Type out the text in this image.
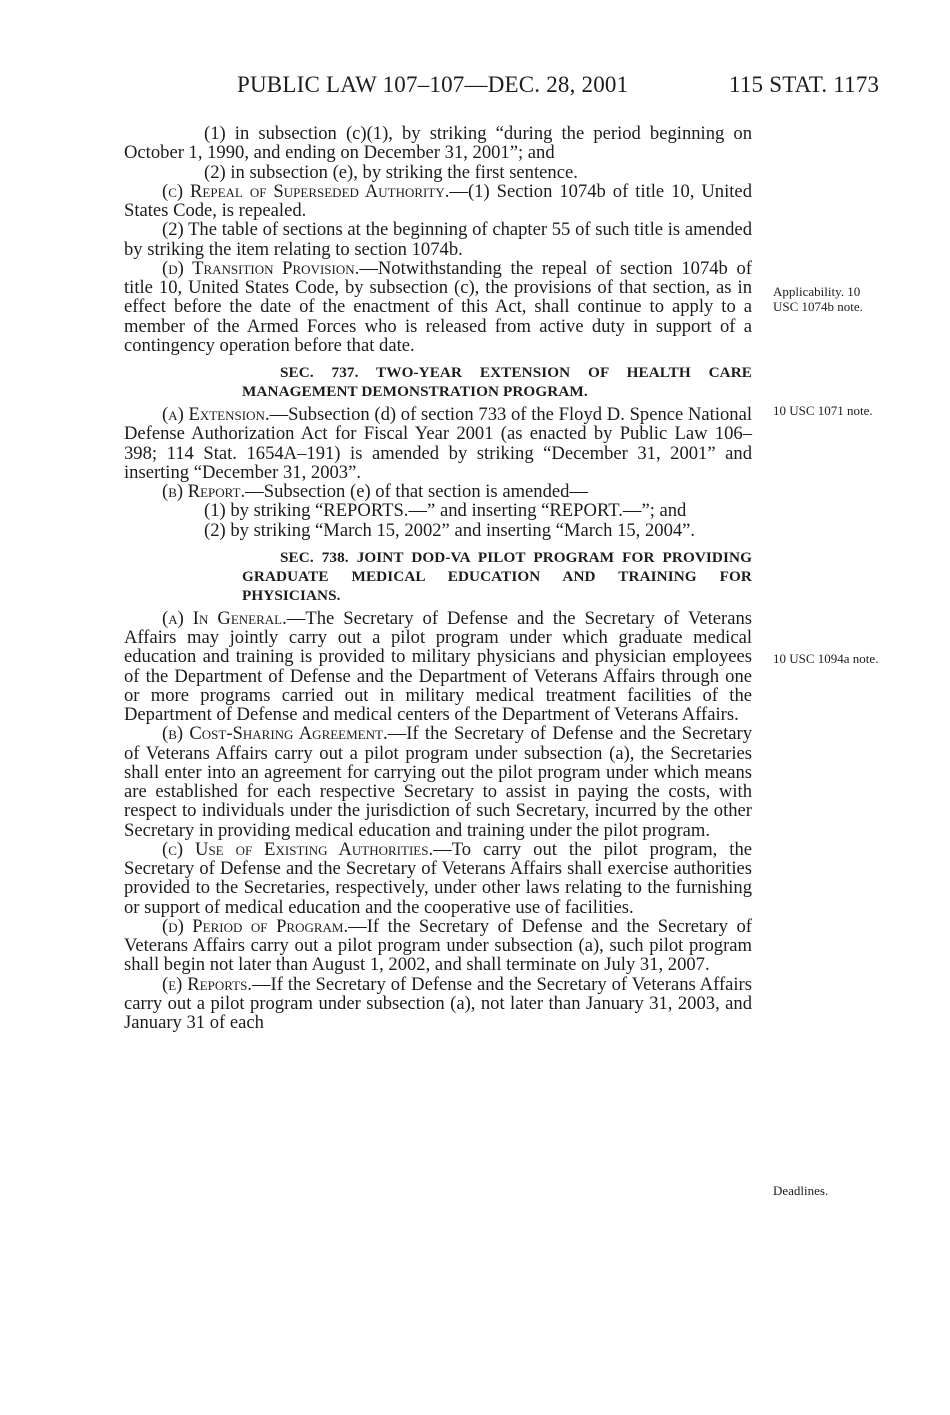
PUBLIC LAW 107–107—DEC. 28, 2001	115 STAT. 1173

(1) in subsection (c)(1), by striking “during the period beginning on October 1, 1990, and ending on December 31, 2001”; and

(2) in subsection (e), by striking the first sentence.

(c) Repeal of Superseded Authority.—(1) Section 1074b of title 10, United States Code, is repealed.

(2) The table of sections at the beginning of chapter 55 of such title is amended by striking the item relating to section 1074b.

(d) Transition Provision.—Notwithstanding the repeal of section 1074b of title 10, United States Code, by subsection (c), the provisions of that section, as in effect before the date of the enactment of this Act, shall continue to apply to a member of the Armed Forces who is released from active duty in support of a contingency operation before that date.

SEC. 737. TWO-YEAR EXTENSION OF HEALTH CARE MANAGEMENT DEMONSTRATION PROGRAM.

(a) Extension.—Subsection (d) of section 733 of the Floyd D. Spence National Defense Authorization Act for Fiscal Year 2001 (as enacted by Public Law 106–398; 114 Stat. 1654A–191) is amended by striking “December 31, 2001” and inserting “December 31, 2003”.

(b) Report.—Subsection (e) of that section is amended—

(1) by striking “REPORTS.—” and inserting “REPORT.—”; and

(2) by striking “March 15, 2002” and inserting “March 15, 2004”.

SEC. 738. JOINT DOD-VA PILOT PROGRAM FOR PROVIDING GRADUATE MEDICAL EDUCATION AND TRAINING FOR PHYSICIANS.

(a) In General.—The Secretary of Defense and the Secretary of Veterans Affairs may jointly carry out a pilot program under which graduate medical education and training is provided to military physicians and physician employees of the Department of Defense and the Department of Veterans Affairs through one or more programs carried out in military medical treatment facilities of the Department of Defense and medical centers of the Department of Veterans Affairs.

(b) Cost-Sharing Agreement.—If the Secretary of Defense and the Secretary of Veterans Affairs carry out a pilot program under subsection (a), the Secretaries shall enter into an agreement for carrying out the pilot program under which means are established for each respective Secretary to assist in paying the costs, with respect to individuals under the jurisdiction of such Secretary, incurred by the other Secretary in providing medical education and training under the pilot program.

(c) Use of Existing Authorities.—To carry out the pilot program, the Secretary of Defense and the Secretary of Veterans Affairs shall exercise authorities provided to the Secretaries, respectively, under other laws relating to the furnishing or support of medical education and the cooperative use of facilities.

(d) Period of Program.—If the Secretary of Defense and the Secretary of Veterans Affairs carry out a pilot program under subsection (a), such pilot program shall begin not later than August 1, 2002, and shall terminate on July 31, 2007.

(e) Reports.—If the Secretary of Defense and the Secretary of Veterans Affairs carry out a pilot program under subsection (a), not later than January 31, 2003, and January 31 of each

Applicability. 10 USC 1074b note.
10 USC 1071 note.
10 USC 1094a note.
Deadlines.
